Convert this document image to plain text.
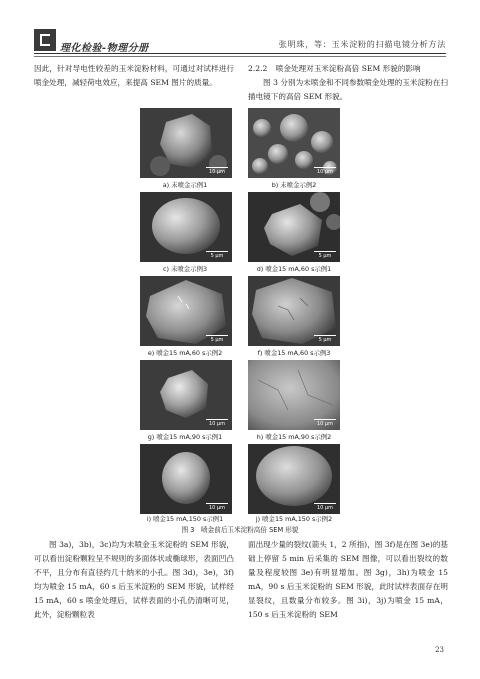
理化检验-物理分册	张明珠，等：玉米淀粉的扫描电镜分析方法
因此，针对导电性较差的玉米淀粉材料，可通过对试样进行喷金处理，减轻荷电效应，来提高 SEM 图片的质量。
2.2.2 喷金处理对玉米淀粉高倍 SEM 形貌的影响
图 3 分别为未喷金和不同参数喷金处理的玉米淀粉在扫描电镜下的高倍 SEM 形貌。
10 μm	10 μm
a) 未喷金示例1	b) 未喷金示例2
5 μm	5 μm
c) 未喷金示例3	d) 喷金15 mA,60 s示例1
5 μm	5 μm
e) 喷金15 mA,60 s示例2	f) 喷金15 mA,60 s示例3
10 μm	10 μm
g) 喷金15 mA,90 s示例1	h) 喷金15 mA,90 s示例2
10 μm	10 μm
i) 喷金15 mA,150 s示例1	j) 喷金15 mA,150 s示例2
图 3　喷金前后玉米淀粉高倍 SEM 形貌
图 3a)，3b)，3c)均为未喷金玉米淀粉的 SEM 形貌，可以看出淀粉颗粒呈不规则的多面体状或椭球形，表面凹凸不平，且分布有直径约几十纳米的小孔。图 3d)，3e)，3f)均为喷金 15 mA，60 s 后玉米淀粉的 SEM 形貌，试样经 15 mA，60 s 喷金处理后，试样表面的小孔仍清晰可见，此外，淀粉颗粒表
面出现少量的裂纹(箭头 1，2 所指)，图 3f)是在图 3e)的基础上停留 5 min 后采集的 SEM 图像，可以看出裂纹的数量及程度较图 3e)有明显增加。图 3g)，3h)为喷金 15 mA，90 s 后玉米淀粉的 SEM 形貌，此时试样表面存在明显裂纹，且数量分布较多。图 3i)，3j)为喷金 15 mA，150 s 后玉米淀粉的 SEM
23
